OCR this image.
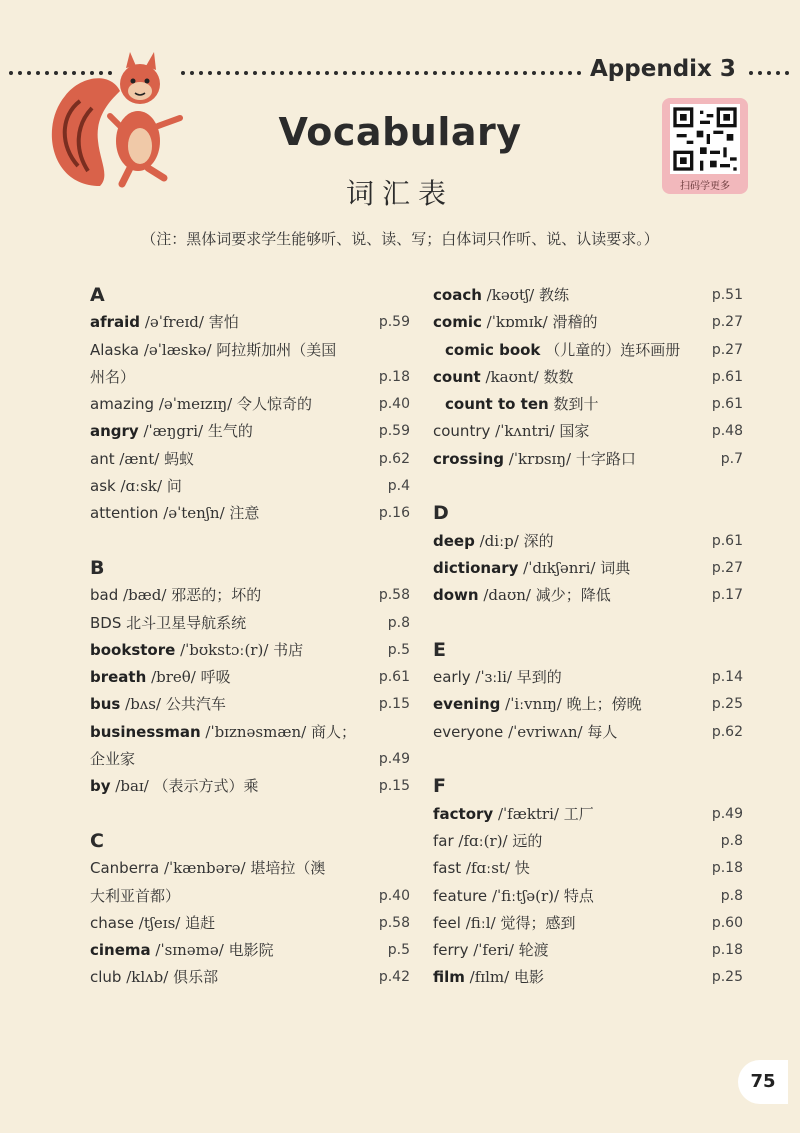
Appendix 3
Vocabulary
词汇表	扫码学更多
（注：黑体词要求学生能够听、说、读、写；白体词只作听、说、认读要求。）
A
afraid /əˈfreɪd/ 害怕	p.59
Alaska /əˈlæskə/ 阿拉斯加州（美国
州名）	p.18
amazing /əˈmeɪzɪŋ/ 令人惊奇的	p.40
angry /ˈæŋgri/ 生气的	p.59
ant /ænt/ 蚂蚁	p.62
ask /ɑːsk/ 问	p.4
attention /əˈtenʃn/ 注意	p.16
B
bad /bæd/ 邪恶的；坏的	p.58
BDS 北斗卫星导航系统	p.8
bookstore /ˈbʊkstɔː(r)/ 书店	p.5
breath /breθ/ 呼吸	p.61
bus /bʌs/ 公共汽车	p.15
businessman /ˈbɪznəsmæn/ 商人；
企业家	p.49
by /baɪ/ （表示方式）乘	p.15
C
Canberra /ˈkænbərə/ 堪培拉（澳
大利亚首都）	p.40
chase /tʃeɪs/ 追赶	p.58
cinema /ˈsɪnəmə/ 电影院	p.5
club /klʌb/ 俱乐部	p.42
coach /kəʊtʃ/ 教练	p.51
comic /ˈkɒmɪk/ 滑稽的	p.27
comic book （儿童的）连环画册 p.27
count /kaʊnt/ 数数	p.61
count to ten 数到十	p.61
country /ˈkʌntri/ 国家	p.48
crossing /ˈkrɒsɪŋ/ 十字路口	p.7
D
deep /diːp/ 深的	p.61
dictionary /ˈdɪkʃənri/ 词典	p.27
down /daʊn/ 减少；降低	p.17
E
early /ˈɜːli/ 早到的	p.14
evening /ˈiːvnɪŋ/ 晚上；傍晚	p.25
everyone /ˈevriwʌn/ 每人	p.62
F
factory /ˈfæktri/ 工厂	p.49
far /fɑː(r)/ 远的	p.8
fast /fɑːst/ 快	p.18
feature /ˈfiːtʃə(r)/ 特点	p.8
feel /fiːl/ 觉得；感到	p.60
ferry /ˈferi/ 轮渡	p.18
film /fɪlm/ 电影	p.25
75
